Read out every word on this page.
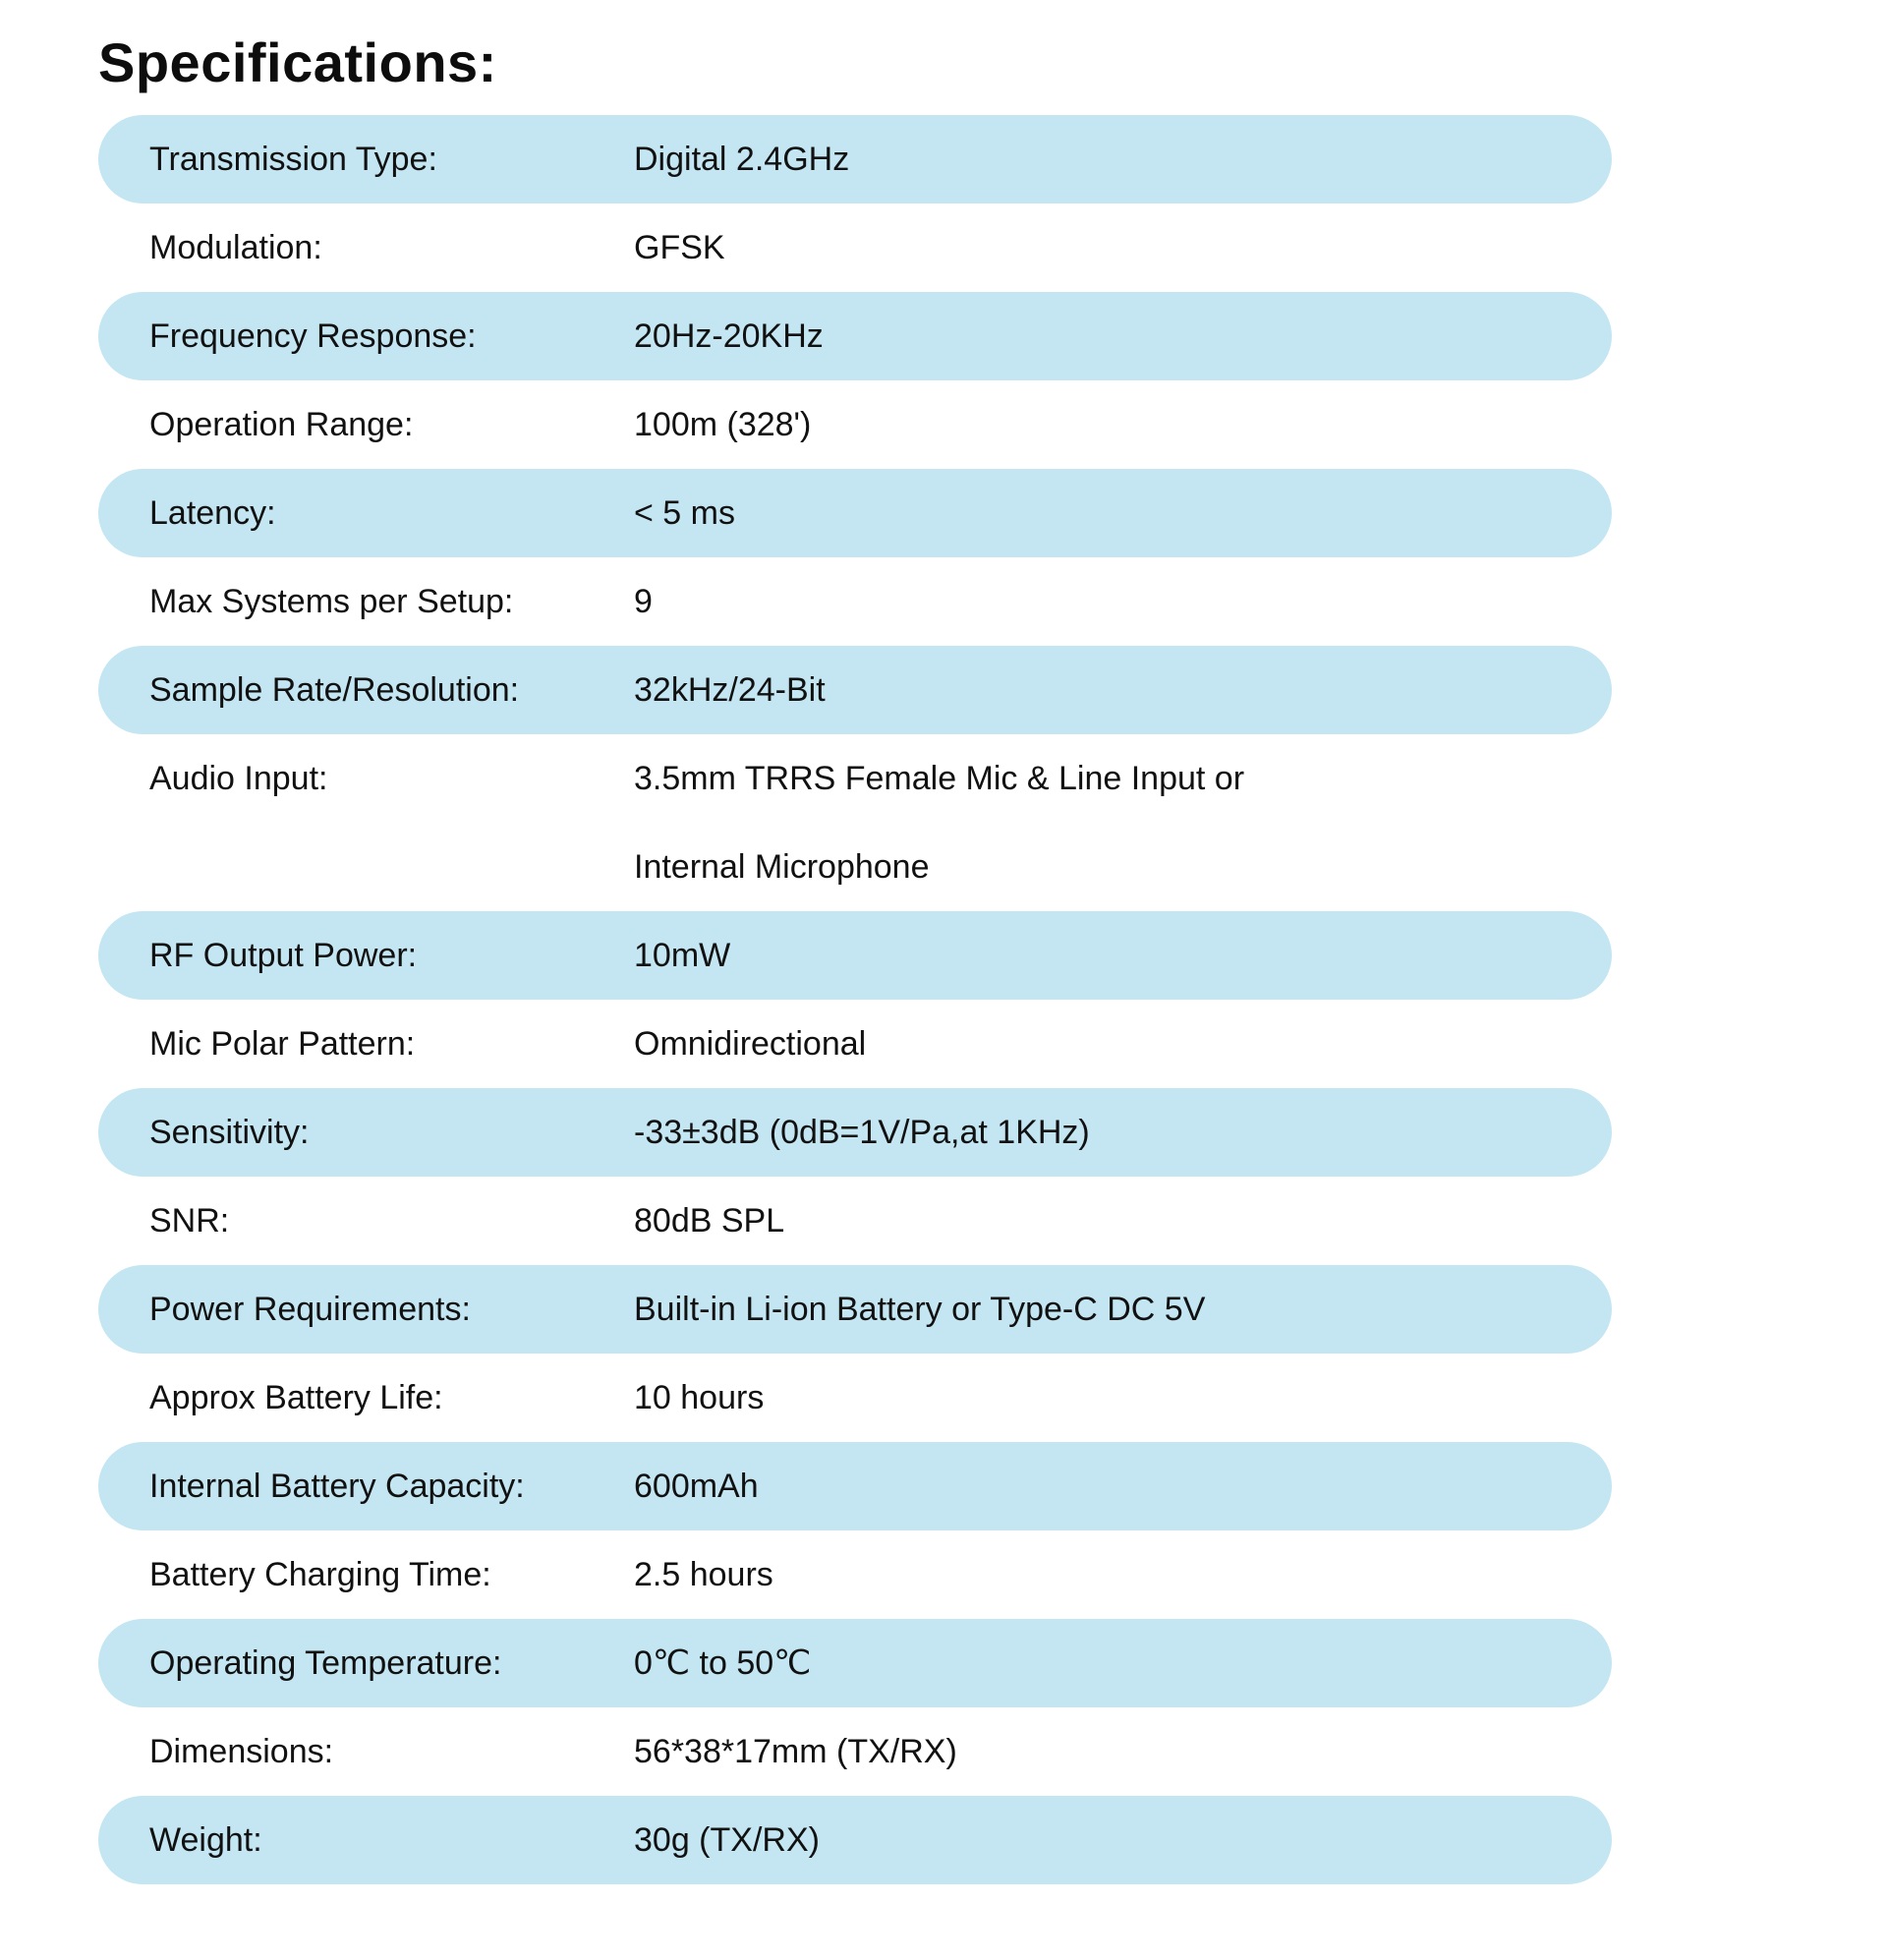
Specifications:
Transmission Type:	Digital 2.4GHz
Modulation:	GFSK
Frequency Response:	20Hz-20KHz
Operation Range:	100m (328')
Latency:	< 5 ms
Max Systems per Setup:	9
Sample Rate/Resolution:	32kHz/24-Bit
Audio Input:	3.5mm TRRS Female Mic & Line Input or
Internal Microphone
RF Output Power:	10mW
Mic Polar Pattern:	Omnidirectional
Sensitivity:	-33±3dB (0dB=1V/Pa,at 1KHz)
SNR:	80dB SPL
Power Requirements:	Built-in Li-ion Battery or Type-C DC 5V
Approx Battery Life:	10 hours
Internal Battery Capacity:	600mAh
Battery Charging Time:	2.5 hours
Operating Temperature:	0℃ to 50℃
Dimensions:	56*38*17mm (TX/RX)
Weight:	30g (TX/RX)
